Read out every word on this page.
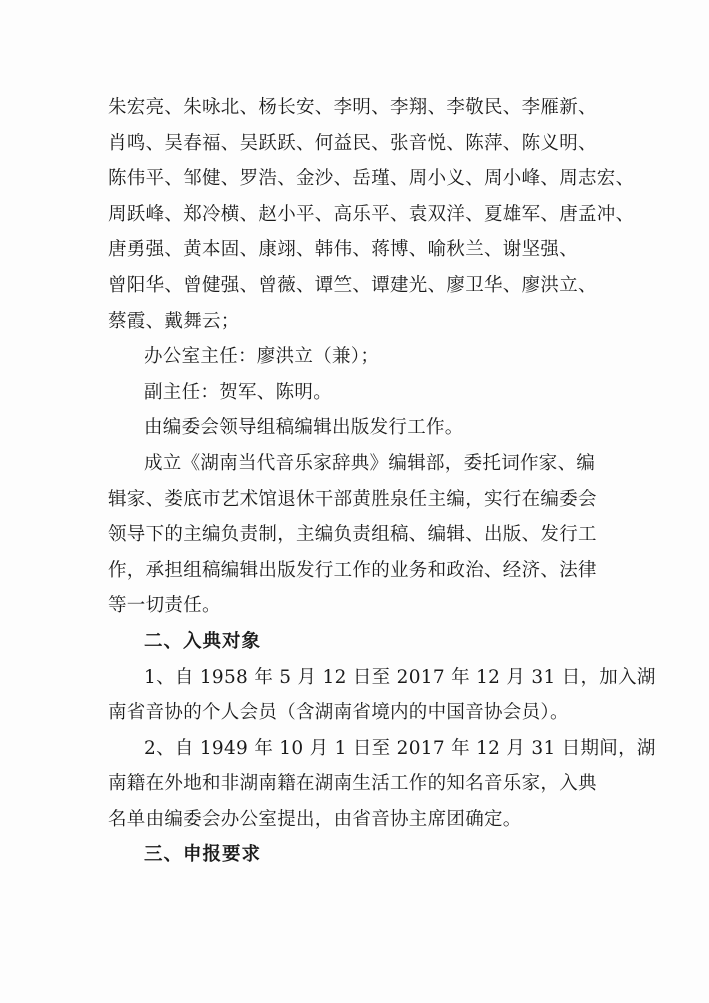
朱宏亮、朱咏北、杨长安、李明、李翔、李敬民、李雁新、
肖鸣、吴春福、吴跃跃、何益民、张音悦、陈萍、陈义明、
陈伟平、邹健、罗浩、金沙、岳瑾、周小义、周小峰、周志宏、
周跃峰、郑冷横、赵小平、高乐平、袁双洋、夏雄军、唐孟冲、
唐勇强、黄本固、康翊、韩伟、蒋博、喻秋兰、谢坚强、
曾阳华、曾健强、曾薇、谭竺、谭建光、廖卫华、廖洪立、
蔡霞、戴舞云；
办公室主任：廖洪立（兼）；
副主任：贺军、陈明。
由编委会领导组稿编辑出版发行工作。
成立《湖南当代音乐家辞典》编辑部，委托词作家、编
辑家、娄底市艺术馆退休干部黄胜泉任主编，实行在编委会
领导下的主编负责制，主编负责组稿、编辑、出版、发行工
作，承担组稿编辑出版发行工作的业务和政治、经济、法律
等一切责任。
二、入典对象
1、自 1958 年 5 月 12 日至 2017 年 12 月 31 日，加入湖
南省音协的个人会员（含湖南省境内的中国音协会员）。
2、自 1949 年 10 月 1 日至 2017 年 12 月 31 日期间，湖
南籍在外地和非湖南籍在湖南生活工作的知名音乐家，入典
名单由编委会办公室提出，由省音协主席团确定。
三、申报要求
